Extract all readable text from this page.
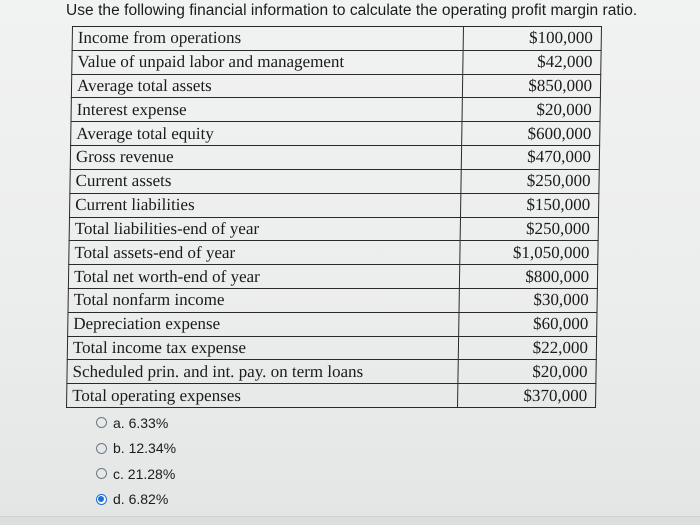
Use the following financial information to calculate the operating profit margin ratio.
Income from operations	$100,000
Value of unpaid labor and management	$42,000
Average total assets	$850,000
Interest expense	$20,000
Average total equity	$600,000
Gross revenue	$470,000
Current assets	$250,000
Current liabilities	$150,000
Total liabilities-end of year	$250,000
Total assets-end of year	$1,050,000
Total net worth-end of year	$800,000
Total nonfarm income	$30,000
Depreciation expense	$60,000
Total income tax expense	$22,000
Scheduled prin. and int. pay. on term loans	$20,000
Total operating expenses	$370,000
a. 6.33%
b. 12.34%
c. 21.28%
d. 6.82%
